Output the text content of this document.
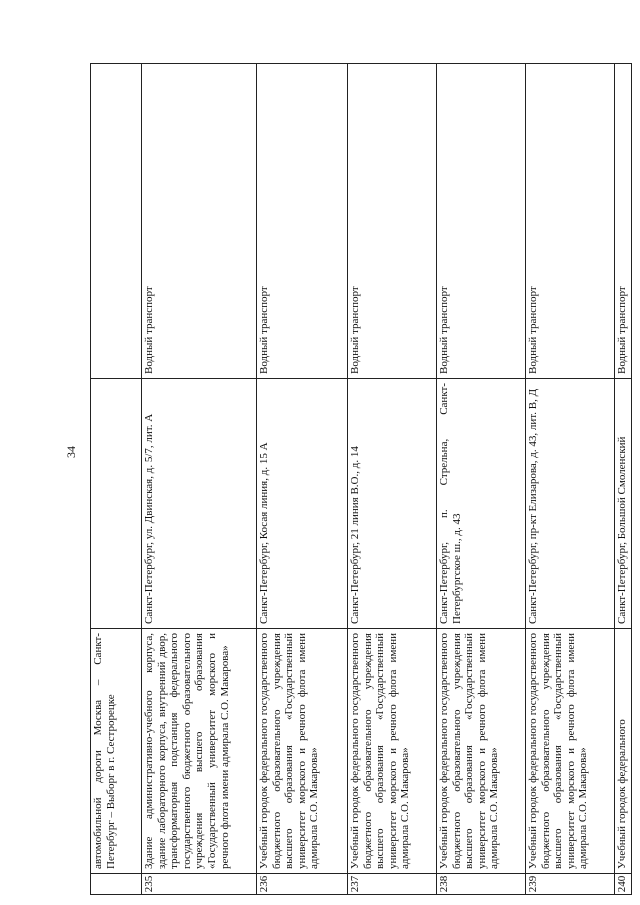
34
	автомобильной дороги Москва – Санкт-Петербург – Выборг в г. Сестрорецке		
235	Здание административно-учебного корпуса, здание лабораторного корпуса, внутренний двор, трансформаторная подстанция федерального государственного бюджетного образовательного учреждения высшего образования «Государственный университет морского и речного флота имени адмирала С.О. Макарова»	Санкт-Петербург, ул. Двинская, д. 5/7, лит. А	Водный транспорт
236	Учебный городок федерального государственного бюджетного образовательного учреждения высшего образования «Государственный университет морского и речного флота имени адмирала С.О. Макарова»	Санкт-Петербург, Косая линия, д. 15 А	Водный транспорт
237	Учебный городок федерального государственного бюджетного образовательного учреждения высшего образования «Государственный университет морского и речного флота имени адмирала С.О. Макарова»	Санкт-Петербург, 21 линия В.О., д. 14	Водный транспорт
238	Учебный городок федерального государственного бюджетного образовательного учреждения высшего образования «Государственный университет морского и речного флота имени адмирала С.О. Макарова»	Санкт-Петербург, п. Стрельна, Санкт-Петербургское ш., д. 43	Водный транспорт
239	Учебный городок федерального государственного бюджетного образовательного учреждения высшего образования «Государственный университет морского и речного флота имени адмирала С.О. Макарова»	Санкт-Петербург, пр-кт Елизарова, д. 43, лит. В, Д	Водный транспорт
240	Учебный городок федерального	Санкт-Петербург, Большой Смоленский	Водный транспорт
